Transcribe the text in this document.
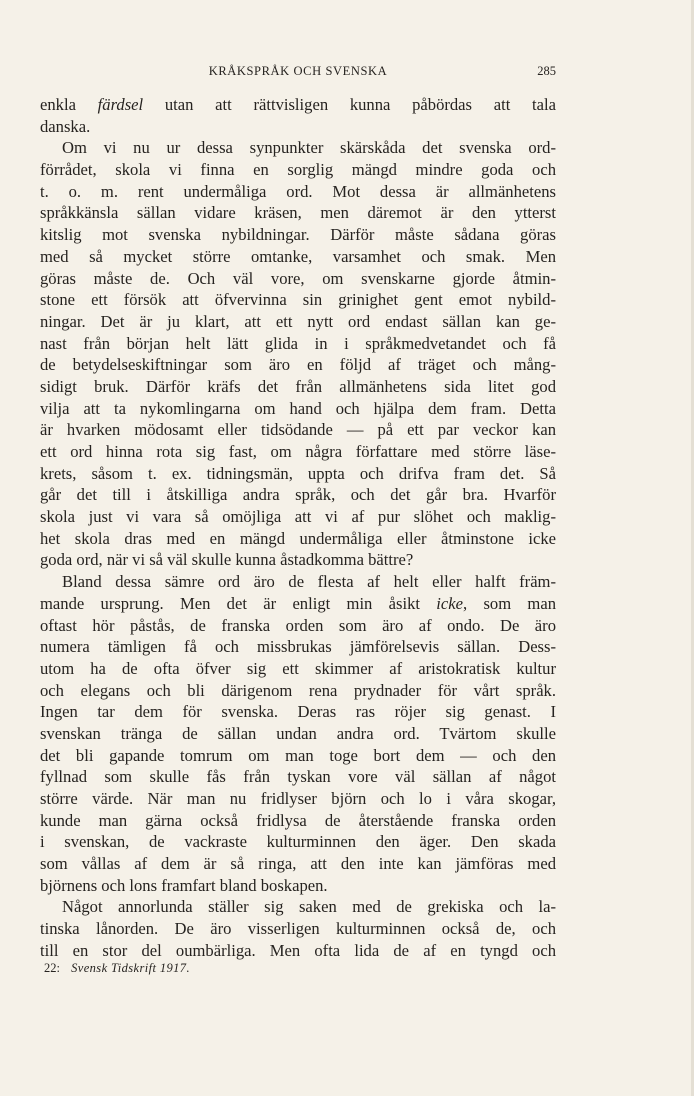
KRÅKSPRÅK OCH SVENSKA	285
enkla färdsel utan att rättvisligen kunna påbördas att tala
danska.
Om vi nu ur dessa synpunkter skärskåda det svenska ord-
förrådet, skola vi finna en sorglig mängd mindre goda och
t. o. m. rent undermåliga ord. Mot dessa är allmänhetens
språkkänsla sällan vidare kräsen, men däremot är den ytterst
kitslig mot svenska nybildningar. Därför måste sådana göras
med så mycket större omtanke, varsamhet och smak. Men
göras måste de. Och väl vore, om svenskarne gjorde åtmin-
stone ett försök att öfvervinna sin grinighet gent emot nybild-
ningar. Det är ju klart, att ett nytt ord endast sällan kan ge-
nast från början helt lätt glida in i språkmedvetandet och få
de betydelseskiftningar som äro en följd af träget och mång-
sidigt bruk. Därför kräfs det från allmänhetens sida litet god
vilja att ta nykomlingarna om hand och hjälpa dem fram. Detta
är hvarken mödosamt eller tidsödande — på ett par veckor kan
ett ord hinna rota sig fast, om några författare med större läse-
krets, såsom t. ex. tidningsmän, uppta och drifva fram det. Så
går det till i åtskilliga andra språk, och det går bra. Hvarför
skola just vi vara så omöjliga att vi af pur slöhet och maklig-
het skola dras med en mängd undermåliga eller åtminstone icke
goda ord, när vi så väl skulle kunna åstadkomma bättre?
Bland dessa sämre ord äro de flesta af helt eller halft främ-
mande ursprung. Men det är enligt min åsikt icke, som man
oftast hör påstås, de franska orden som äro af ondo. De äro
numera tämligen få och missbrukas jämförelsevis sällan. Dess-
utom ha de ofta öfver sig ett skimmer af aristokratisk kultur
och elegans och bli därigenom rena prydnader för vårt språk.
Ingen tar dem för svenska. Deras ras röjer sig genast. I
svenskan tränga de sällan undan andra ord. Tvärtom skulle
det bli gapande tomrum om man toge bort dem — och den
fyllnad som skulle fås från tyskan vore väl sällan af något
större värde. När man nu fridlyser björn och lo i våra skogar,
kunde man gärna också fridlysa de återstående franska orden
i svenskan, de vackraste kulturminnen den äger. Den skada
som vållas af dem är så ringa, att den inte kan jämföras med
björnens och lons framfart bland boskapen.
Något annorlunda ställer sig saken med de grekiska och la-
tinska lånorden. De äro visserligen kulturminnen också de, och
till en stor del oumbärliga. Men ofta lida de af en tyngd och
22: Svensk Tidskrift 1917.
